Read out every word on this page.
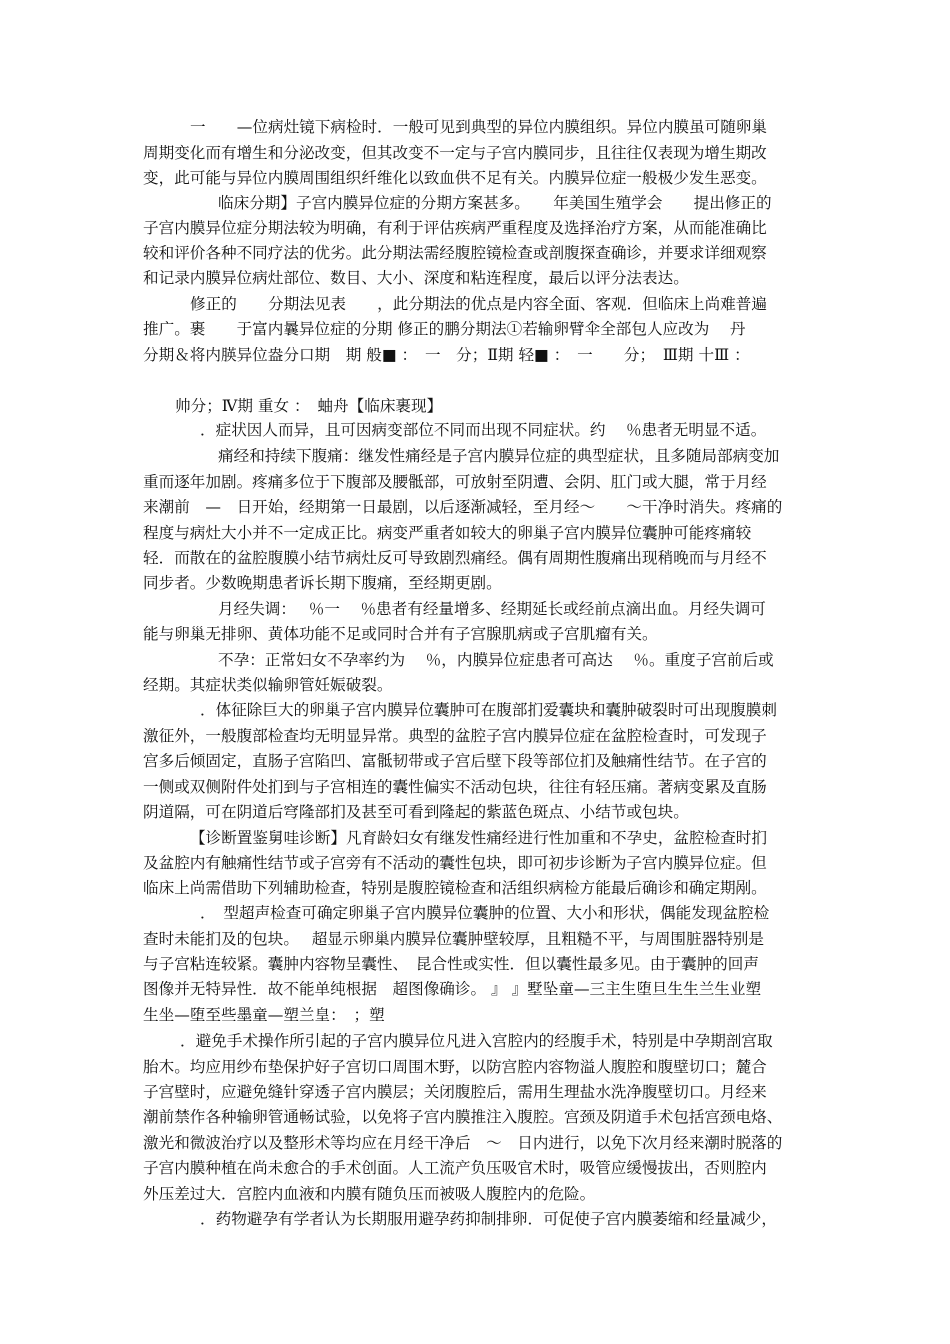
一　　—位病灶镜下病检时．一般可见到典型的异位内膜组织。异位内膜虽可随卵巢
周期变化而有增生和分泌改变，但其改变不一定与子宫内膜同步，且往往仅表现为增生期改
变，此可能与异位内膜周围组织纤维化以致血供不足有关。内膜异位症一般极少发生恶变。
临床分期】子宫内膜异位症的分期方案甚多。　　年美国生殖学会　　提出修正的
子宫内膜异位症分期法较为明确，有利于评估疾病严重程度及选择治疗方案，从而能准确比
较和评价各种不同疗法的优劣。此分期法需经腹腔镜检查或剖腹探查确诊，并要求详细观察
和记录内膜异位病灶部位、数目、大小、深度和粘连程度，最后以评分法表达。
修正的　　分期法见表　　，此分期法的优点是内容全面、客观．但临床上尚难普遍
推广。裹　　于富内曩异位症的分期 修正的鹏分期法①若输卵臂伞全部包人应改为　 丹
分期＆将内朠异位盎分口期　期 般■ ：　一　分；Ⅱ期 轻■ ：　一　　分；　Ⅲ期 十Ⅲ ：
帅分；Ⅳ期 重女 ：　蚰舟【临床裹现】
．症状因人而异，且可因病变部位不同而出现不同症状。约　 ％患者无明显不适。
痛经和持续下腹痛：继发性痛经是子宫内膜异位症的典型症状，且多随局部病变加
重而逐年加剧。疼痛多位于下腹部及腰骶部，可放射至阴遭、会阴、肛门或大腿，常于月经
来潮前　—　日开始，经期第一日最剧，以后逐渐减轻，至月经～　　～干净时消失。疼痛的
程度与病灶大小并不一定成正比。病变严重者如较大的卵巢子宫内膜异位囊肿可能疼痛较
轻．而散在的盆腔腹膜小结节病灶反可导致剧烈痛经。偶有周期性腹痛出现稍晚而与月经不
同步者。少数晚期患者诉长期下腹痛，至经期更剧。
月经失调：　 ％一　 ％患者有经量增多、经期延长或经前点滴出血。月经失调可
能与卵巢无排卵、黄体功能不足或同时合并有子宫腺肌病或子宫肌瘤有关。
不孕：正常妇女不孕率约为　 ％，内膜异位症患者可高达　 ％。重度子宫前后或
经期。其症状类似输卵管妊娠破裂。
．体征除巨大的卵巢子宫内膜异位囊肿可在腹部扪爱囊块和囊肿破裂时可出现腹膜刺
激征外，一般腹部检查均无明显异常。典型的盆腔子宫内膜异位症在盆腔检查时，可发现子
宫多后倾固定，直肠子宫陷凹、富骶韧带或子宫后壁下段等部位扪及触痛性结节。在子宫的
一侧或双侧附件处扪到与子宫相连的囊性偏实不活动包块，往往有轻压痛。著病变累及直肠
阴道隔，可在阴道后穹隆部扪及甚至可看到隆起的紫蓝色斑点、小结节或包块。
【诊断置鉴舅哇诊断】凡育龄妇女有继发性痛经进行性加重和不孕史，盆腔检查时扪
及盆腔内有触痛性结节或子宫旁有不活动的囊性包块，即可初步诊断为子宫内膜异位症。但
临床上尚需借助下列辅助检查，特别是腹腔镜检查和活组织病检方能最后确诊和确定期剐。
．　型超声检查可确定卵巢子宫内膜异位囊肿的位置、大小和形状，偶能发现盆腔检
查时未能扪及的包块。　 超显示卵巢内膜异位囊肿壁较厚，且粗糙不平，与周围脏器特别是
与子宫粘连较紧。囊肿内容物呈囊性、　昆合性或实性．但以囊性最多见。由于囊肿的回声
图像并无特异性．故不能单纯根据　超图像确诊。 』 』墅坠童—三主生堕旦生生兰生业塑
生坐—堕至些墨童—塑兰皇：　；塑
．避免手术操作所引起的子宫内膜异位凡进入宫腔内的经腹手术，特别是中孕期剖宫取
胎木。均应用纱布垫保护好子宫切口周围木野，以防宫腔内容物溢人腹腔和腹壁切口；麓合
子宫壁时，应避免缝针穿透子宫内膜层；关闭腹腔后，需用生理盐水洗净腹壁切口。月经来
潮前禁作各种输卵管通畅试验，以免将子宫内膜推注入腹腔。宫颈及阴道手术包括宫颈电烙、
激光和微波治疗以及整形术等均应在月经干净后　～　日内进行，以免下次月经来潮时脱落的
子宫内膜种植在尚未愈合的手术创面。人工流产负压吸官术时，吸管应缓慢拔出，否则腔内
外压差过大．宫腔内血液和内膜有随负压而被吸人腹腔内的危险。
．药物避孕有学者认为长期服用避孕药抑制排卵．可促使子宫内膜萎缩和经量减少，
